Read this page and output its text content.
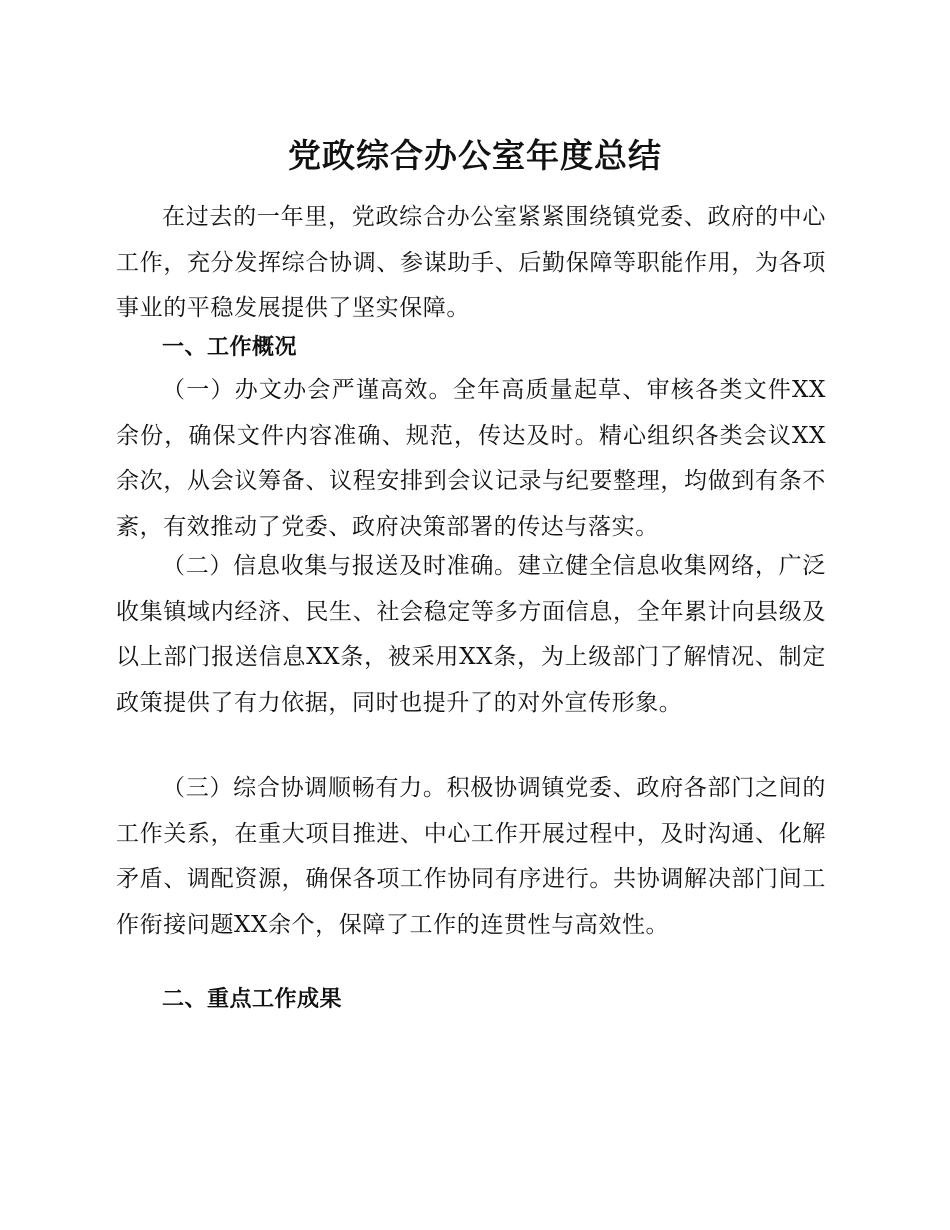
党政综合办公室年度总结

在过去的一年里，党政综合办公室紧紧围绕镇党委、政府的中心工作，充分发挥综合协调、参谋助手、后勤保障等职能作用，为各项事业的平稳发展提供了坚实保障。

一、工作概况

（一）办文办会严谨高效。全年高质量起草、审核各类文件XX余份，确保文件内容准确、规范，传达及时。精心组织各类会议XX余次，从会议筹备、议程安排到会议记录与纪要整理，均做到有条不紊，有效推动了党委、政府决策部署的传达与落实。

（二）信息收集与报送及时准确。建立健全信息收集网络，广泛收集镇域内经济、民生、社会稳定等多方面信息，全年累计向县级及以上部门报送信息XX条，被采用XX条，为上级部门了解情况、制定政策提供了有力依据，同时也提升了的对外宣传形象。

（三）综合协调顺畅有力。积极协调镇党委、政府各部门之间的工作关系，在重大项目推进、中心工作开展过程中，及时沟通、化解矛盾、调配资源，确保各项工作协同有序进行。共协调解决部门间工作衔接问题XX余个，保障了工作的连贯性与高效性。

二、重点工作成果
